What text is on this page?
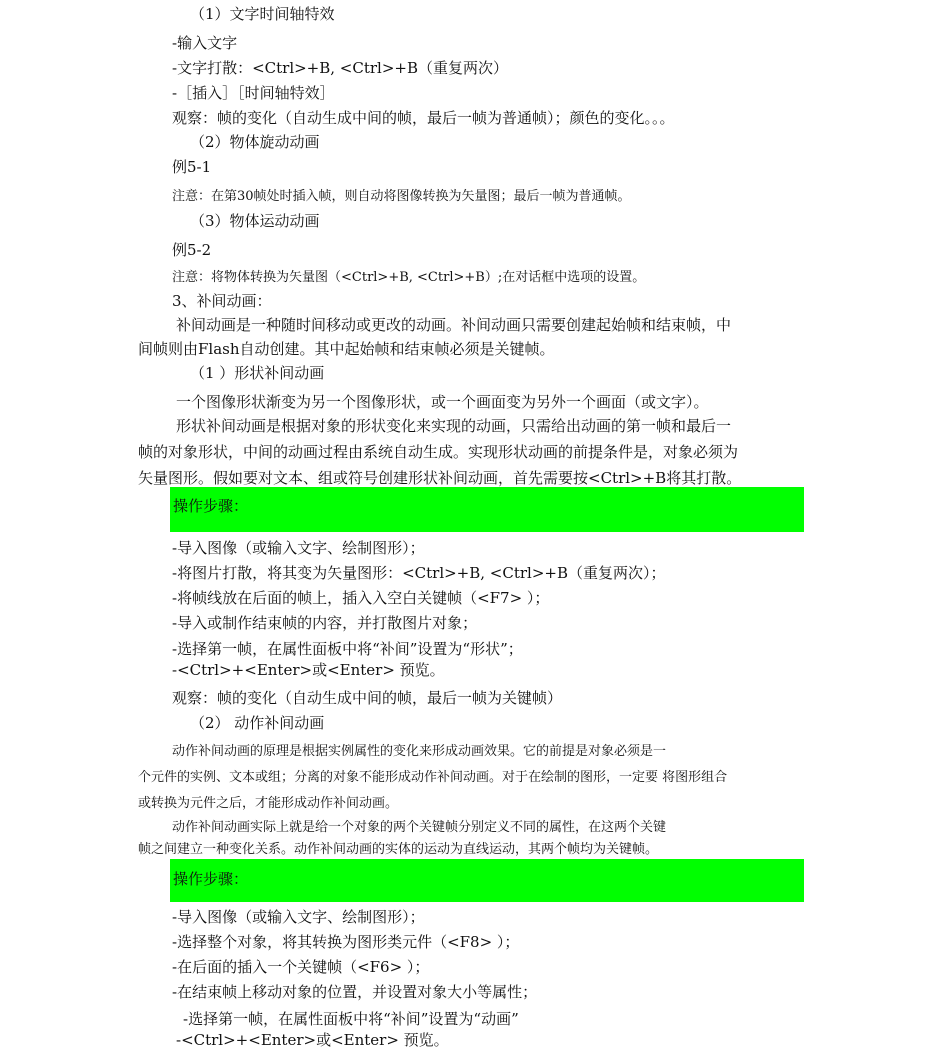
（1）文字时间轴特效
-输入文字
-文字打散：<Ctrl>+B, <Ctrl>+B（重复两次）
-［插入］［时间轴特效］
观察：帧的变化（自动生成中间的帧，最后一帧为普通帧）；颜色的变化。。。
（2）物体旋动动画
例5-1
注意：在第30帧处时插入帧，则自动将图像转换为矢量图；最后一帧为普通帧。
（3）物体运动动画
例5-2
注意：将物体转换为矢量图（<Ctrl>+B, <Ctrl>+B）;在对话框中选项的设置。
3、补间动画：
补间动画是一种随时间移动或更改的动画。补间动画只需要创建起始帧和结束帧，中
间帧则由Flash自动创建。其中起始帧和结束帧必须是关键帧。
（1 ）形状补间动画
一个图像形状渐变为另一个图像形状，或一个画面变为另外一个画面（或文字）。
形状补间动画是根据对象的形状变化来实现的动画，只需给出动画的第一帧和最后一
帧的对象形状，中间的动画过程由系统自动生成。实现形状动画的前提条件是，对象必须为
矢量图形。假如要对文本、组或符号创建形状补间动画，首先需要按<Ctrl>+B将其打散。
操作步骤：
-导入图像（或输入文字、绘制图形）；
-将图片打散，将其变为矢量图形：<Ctrl>+B, <Ctrl>+B（重复两次）；
-将帧线放在后面的帧上，插入入空白关键帧（<F7> ）；
-导入或制作结束帧的内容，并打散图片对象；
-选择第一帧，在属性面板中将“补间”设置为“形状”；
-<Ctrl>+<Enter>或<Enter> 预览。
观察：帧的变化（自动生成中间的帧，最后一帧为关键帧）
（2） 动作补间动画
动作补间动画的原理是根据实例属性的变化来形成动画效果。它的前提是对象必须是一
个元件的实例、文本或组；分离的对象不能形成动作补间动画。对于在绘制的图形，一定要 将图形组合
或转换为元件之后，才能形成动作补间动画。
动作补间动画实际上就是给一个对象的两个关键帧分别定义不同的属性，在这两个关键
帧之间建立一种变化关系。动作补间动画的实体的运动为直线运动，其两个帧均为关键帧。
操作步骤：
-导入图像（或输入文字、绘制图形）；
-选择整个对象，将其转换为图形类元件（<F8> ）；
-在后面的插入一个关键帧（<F6> ）；
-在结束帧上移动对象的位置，并设置对象大小等属性；
-选择第一帧，在属性面板中将“补间”设置为“动画”
-<Ctrl>+<Enter>或<Enter> 预览。
